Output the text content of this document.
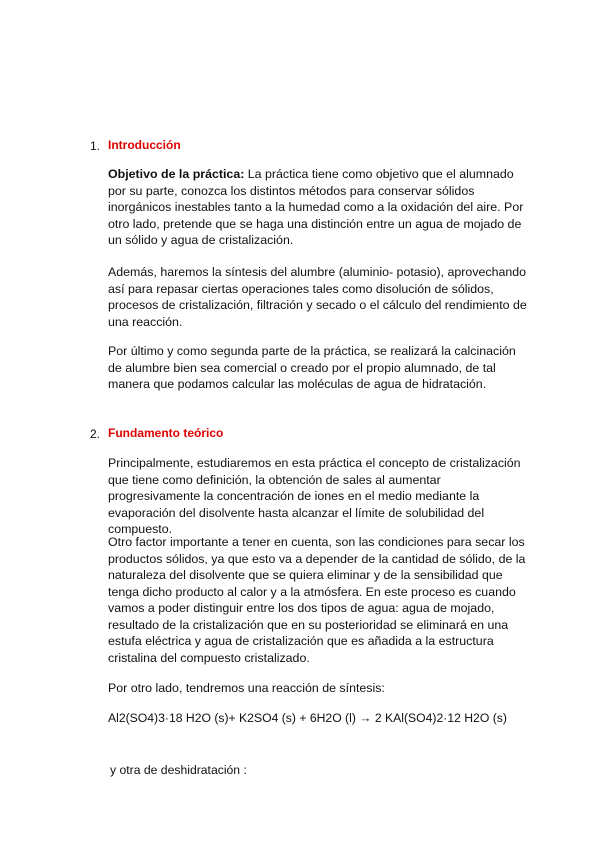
1. Introducción
Objetivo de la práctica: La práctica tiene como objetivo que el alumnado por su parte, conozca los distintos métodos para conservar sólidos inorgánicos inestables tanto a la humedad como a la oxidación del aire. Por otro lado, pretende que se haga una distinción entre un agua de mojado de un sólido y agua de cristalización.
Además, haremos la síntesis del alumbre (aluminio- potasio), aprovechando así para repasar ciertas operaciones tales como disolución de sólidos, procesos de cristalización, filtración y secado o el cálculo del rendimiento de una reacción.
Por último y como segunda parte de la práctica, se realizará la calcinación de alumbre bien sea comercial o creado por el propio alumnado, de tal manera que podamos calcular las moléculas de agua de hidratación.
2. Fundamento teórico
Principalmente, estudiaremos en esta práctica el concepto de cristalización que tiene como definición, la obtención de sales al aumentar progresivamente la concentración de iones en el medio mediante la evaporación del disolvente hasta alcanzar el límite de solubilidad del compuesto.
Otro factor importante a tener en cuenta, son las condiciones para secar los productos sólidos, ya que esto va a depender de la cantidad de sólido, de la naturaleza del disolvente que se quiera eliminar y de la sensibilidad que tenga dicho producto al calor y a la atmósfera. En este proceso es cuando vamos a poder distinguir entre los dos tipos de agua: agua de mojado, resultado de la cristalización que en su posterioridad se eliminará en una estufa eléctrica y agua de cristalización que es añadida a la estructura cristalina del compuesto cristalizado.
Por otro lado, tendremos una reacción de síntesis:
Al2(SO4)3·18 H2O (s)+ K2SO4 (s) + 6H2O (l) → 2 KAl(SO4)2·12 H2O (s)
y otra de deshidratación :
